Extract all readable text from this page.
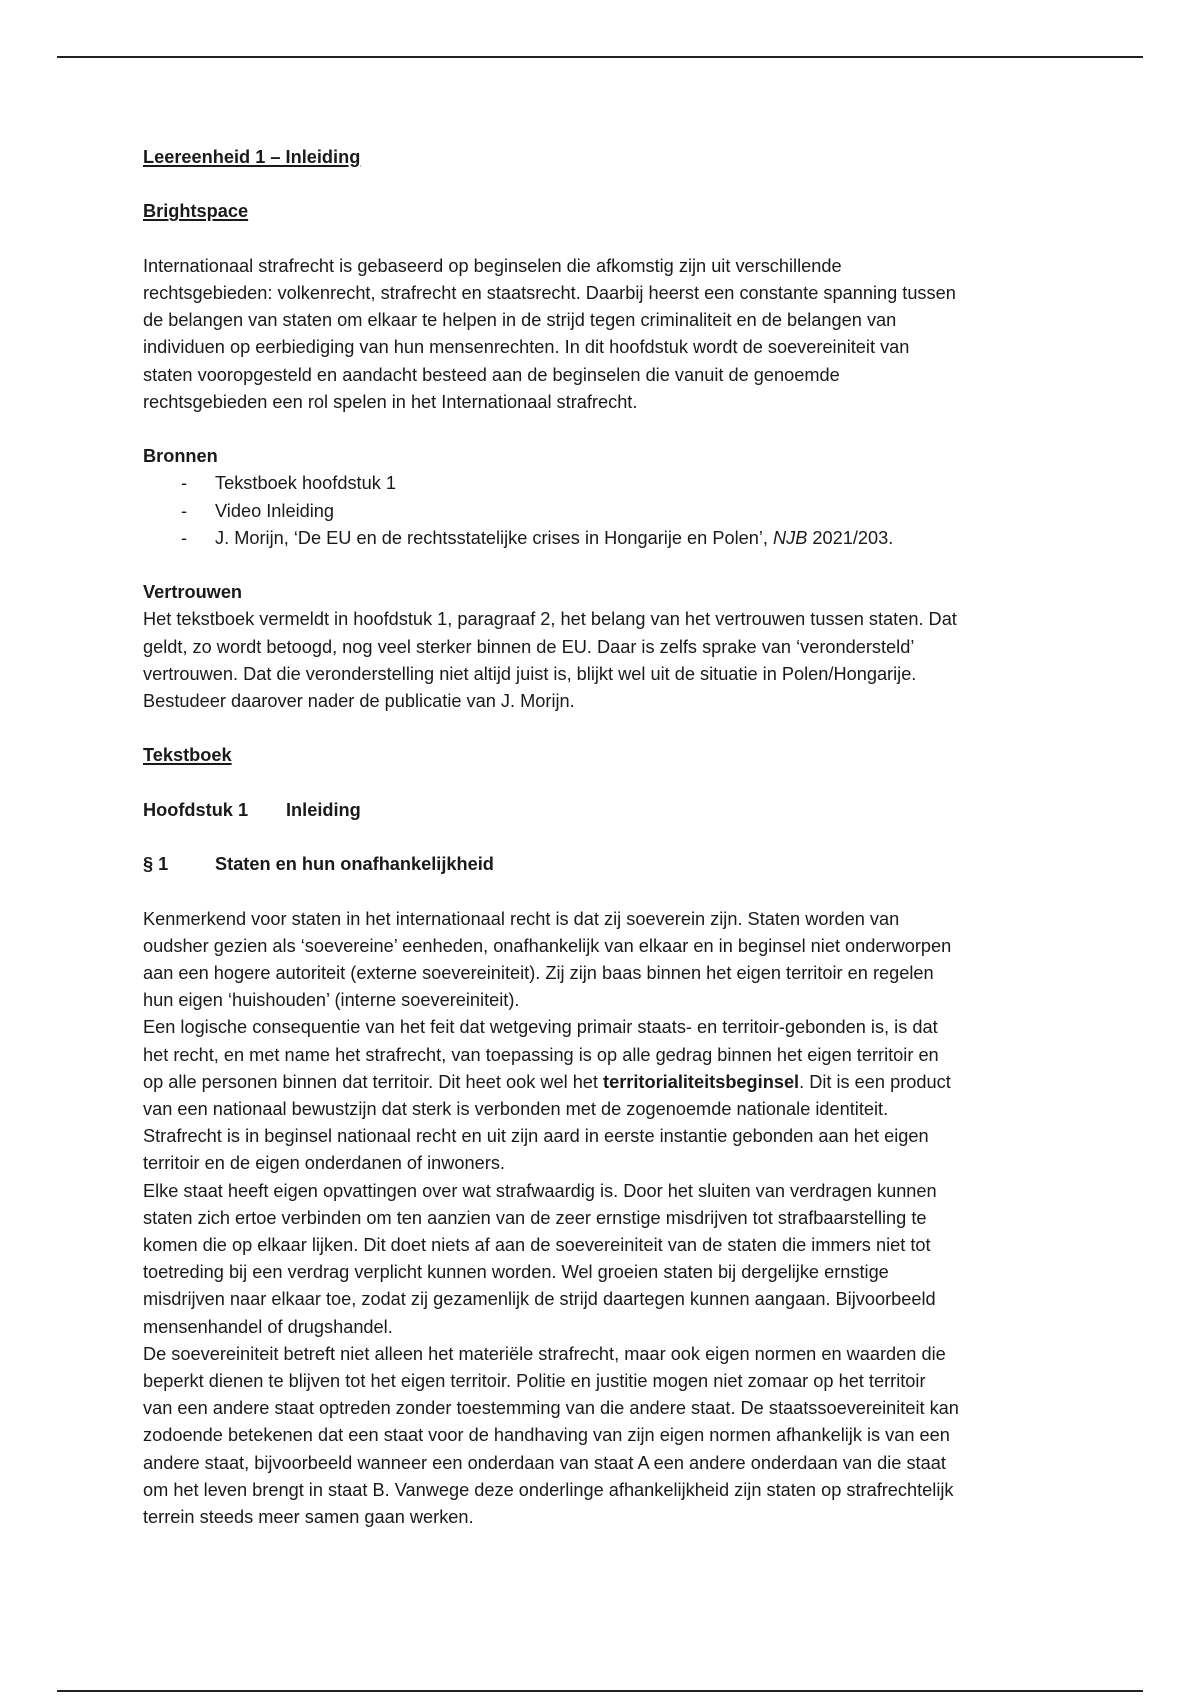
Leereenheid 1 – Inleiding

Brightspace

Internationaal strafrecht is gebaseerd op beginselen die afkomstig zijn uit verschillende

rechtsgebieden: volkenrecht, strafrecht en staatsrecht. Daarbij heerst een constante spanning tussen

de belangen van staten om elkaar te helpen in de strijd tegen criminaliteit en de belangen van

individuen op eerbiediging van hun mensenrechten. In dit hoofdstuk wordt de soevereiniteit van

staten vooropgesteld en aandacht besteed aan de beginselen die vanuit de genoemde

rechtsgebieden een rol spelen in het Internationaal strafrecht.

Bronnen

- Tekstboek hoofdstuk 1
- Video Inleiding
- J. Morijn, ‘De EU en de rechtsstatelijke crises in Hongarije en Polen’, NJB 2021/203.

Vertrouwen

Het tekstboek vermeldt in hoofdstuk 1, paragraaf 2, het belang van het vertrouwen tussen staten. Dat

geldt, zo wordt betoogd, nog veel sterker binnen de EU. Daar is zelfs sprake van ‘verondersteld’

vertrouwen. Dat die veronderstelling niet altijd juist is, blijkt wel uit de situatie in Polen/Hongarije.

Bestudeer daarover nader de publicatie van J. Morijn.

Tekstboek

Hoofdstuk 1 Inleiding

§ 1	Staten en hun onafhankelijkheid

Kenmerkend voor staten in het internationaal recht is dat zij soeverein zijn. Staten worden van

oudsher gezien als ‘soevereine’ eenheden, onafhankelijk van elkaar en in beginsel niet onderworpen

aan een hogere autoriteit (externe soevereiniteit). Zij zijn baas binnen het eigen territoir en regelen

hun eigen ‘huishouden’ (interne soevereiniteit).

Een logische consequentie van het feit dat wetgeving primair staats- en territoir-gebonden is, is dat

het recht, en met name het strafrecht, van toepassing is op alle gedrag binnen het eigen territoir en

op alle personen binnen dat territoir. Dit heet ook wel het territorialiteitsbeginsel. Dit is een product

van een nationaal bewustzijn dat sterk is verbonden met de zogenoemde nationale identiteit.

Strafrecht is in beginsel nationaal recht en uit zijn aard in eerste instantie gebonden aan het eigen

territoir en de eigen onderdanen of inwoners.

Elke staat heeft eigen opvattingen over wat strafwaardig is. Door het sluiten van verdragen kunnen

staten zich ertoe verbinden om ten aanzien van de zeer ernstige misdrijven tot strafbaarstelling te

komen die op elkaar lijken. Dit doet niets af aan de soevereiniteit van de staten die immers niet tot

toetreding bij een verdrag verplicht kunnen worden. Wel groeien staten bij dergelijke ernstige

misdrijven naar elkaar toe, zodat zij gezamenlijk de strijd daartegen kunnen aangaan. Bijvoorbeeld

mensenhandel of drugshandel.

De soevereiniteit betreft niet alleen het materiële strafrecht, maar ook eigen normen en waarden die

beperkt dienen te blijven tot het eigen territoir. Politie en justitie mogen niet zomaar op het territoir

van een andere staat optreden zonder toestemming van die andere staat. De staatssoevereiniteit kan

zodoende betekenen dat een staat voor de handhaving van zijn eigen normen afhankelijk is van een

andere staat, bijvoorbeeld wanneer een onderdaan van staat A een andere onderdaan van die staat

om het leven brengt in staat B. Vanwege deze onderlinge afhankelijkheid zijn staten op strafrechtelijk

terrein steeds meer samen gaan werken.
